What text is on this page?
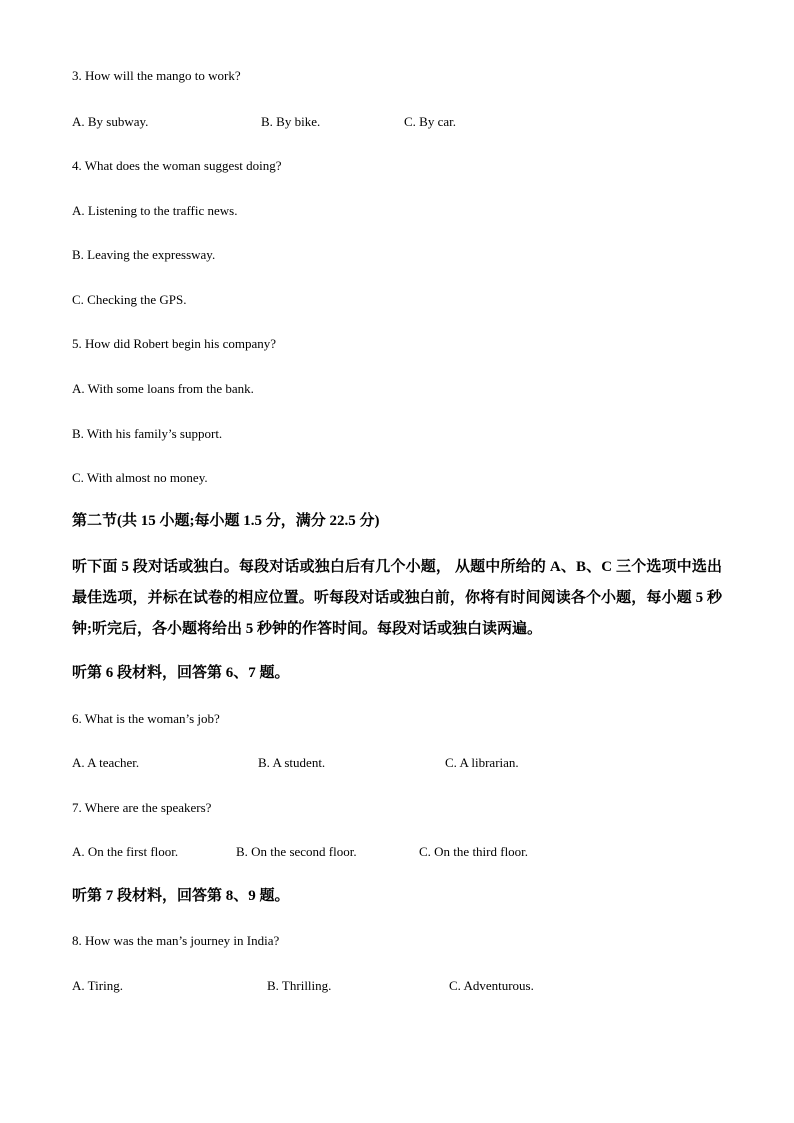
3. How will the mango to work?
A. By subway.	B. By bike.	C. By car.
4. What does the woman suggest doing?
A. Listening to the traffic news.
B. Leaving the expressway.
C. Checking the GPS.
5. How did Robert begin his company?
A. With some loans from the bank.
B. With his family’s support.
C. With almost no money.
第二节(共 15 小题;每小题 1.5 分，满分 22.5 分)
听下面 5 段对话或独白。每段对话或独白后有几个小题， 从题中所给的 A、B、C 三个选项中选出最佳选项，并标在试卷的相应位置。听每段对话或独白前，你将有时间阅读各个小题，每小题 5 秒钟;听完后，各小题将给出 5 秒钟的作答时间。每段对话或独白读两遍。
听第 6 段材料，回答第 6、7 题。
6. What is the woman’s job?
A. A teacher.	B. A student.	C. A librarian.
7. Where are the speakers?
A. On the first floor.	B. On the second floor.	C. On the third floor.
听第 7 段材料，回答第 8、9 题。
8. How was the man’s journey in India?
A. Tiring.	B. Thrilling.	C. Adventurous.
